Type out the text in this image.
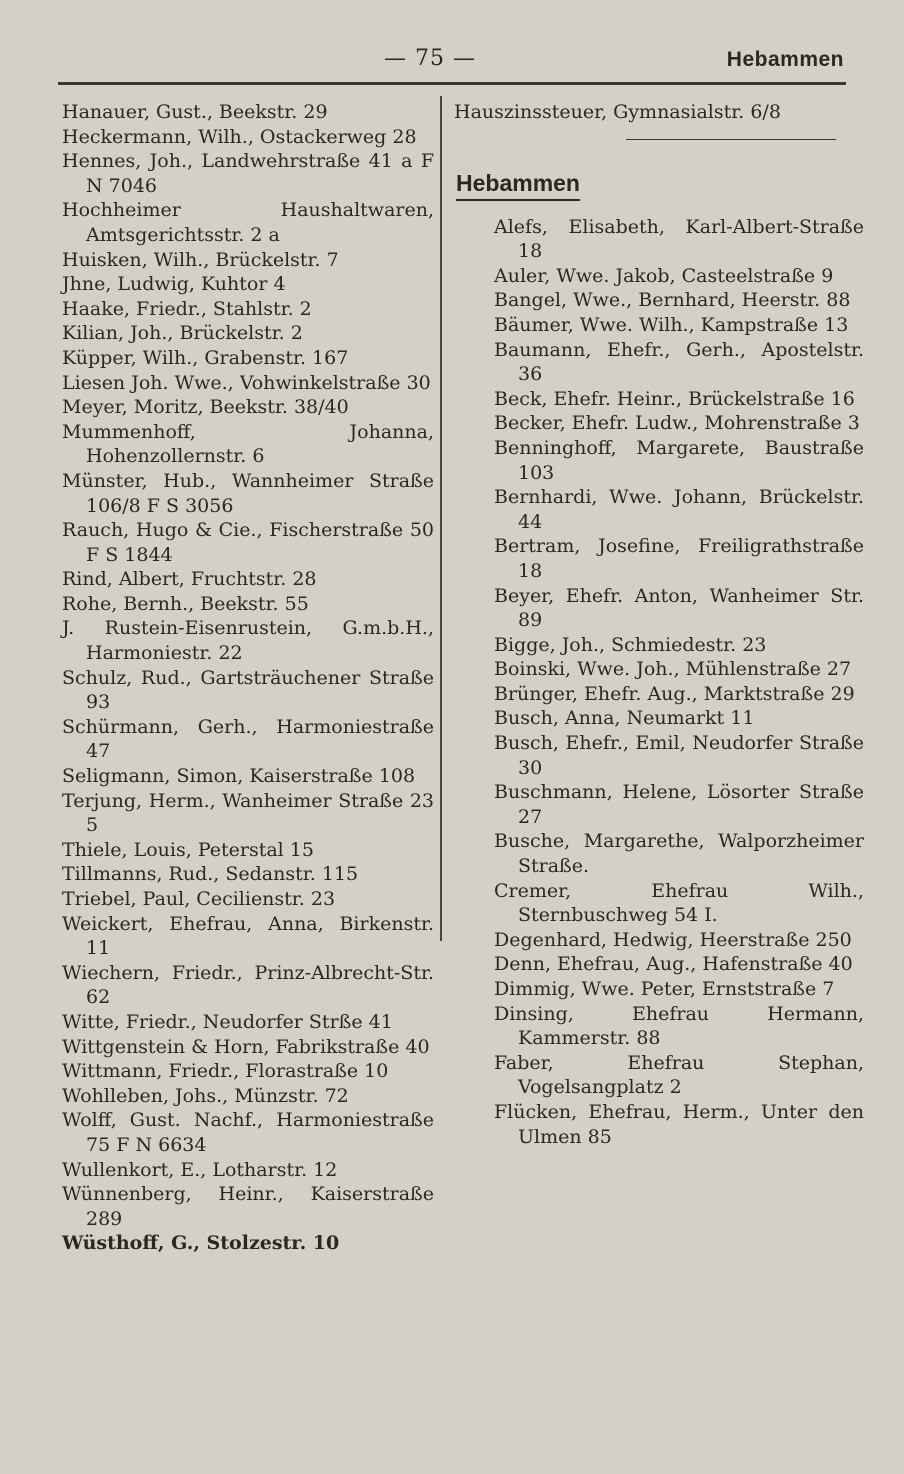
— 75 —	Hebammen

Hanauer, Gust., Beekstr. 29

Heckermann, Wilh., Ostackerweg 28

Hennes, Joh., Landwehrstraße 41 a F N 7046

Hochheimer Haushaltwaren, Amtsgerichtsstr. 2 a

Huisken, Wilh., Brückelstr. 7

Jhne, Ludwig, Kuhtor 4

Haake, Friedr., Stahlstr. 2

Kilian, Joh., Brückelstr. 2

Küpper, Wilh., Grabenstr. 167

Liesen Joh. Wwe., Vohwinkelstraße 30

Meyer, Moritz, Beekstr. 38/40

Mummenhoff, Johanna, Hohenzollernstr. 6

Münster, Hub., Wannheimer Straße 106/8 F S 3056

Rauch, Hugo & Cie., Fischerstraße 50 F S 1844

Rind, Albert, Fruchtstr. 28

Rohe, Bernh., Beekstr. 55

J. Rustein-Eisenrustein, G.m.b.H., Harmoniestr. 22

Schulz, Rud., Gartsträuchener Straße 93

Schürmann, Gerh., Harmoniestraße 47

Seligmann, Simon, Kaiserstraße 108

Terjung, Herm., Wanheimer Straße 23 5

Thiele, Louis, Peterstal 15

Tillmanns, Rud., Sedanstr. 115

Triebel, Paul, Cecilienstr. 23

Weickert, Ehefrau, Anna, Birkenstr. 11

Wiechern, Friedr., Prinz-Albrecht-Str. 62

Witte, Friedr., Neudorfer Strße 41

Wittgenstein & Horn, Fabrikstraße 40

Wittmann, Friedr., Florastraße 10

Wohlleben, Johs., Münzstr. 72

Wolff, Gust. Nachf., Harmoniestraße 75 F N 6634

Wullenkort, E., Lotharstr. 12

Wünnenberg, Heinr., Kaiserstraße 289

Wüsthoff, G., Stolzestr. 10

Hauszinssteuer, Gymnasialstr. 6/8

Hebammen

Alefs, Elisabeth, Karl-Albert-Straße 18

Auler, Wwe. Jakob, Casteelstraße 9

Bangel, Wwe., Bernhard, Heerstr. 88

Bäumer, Wwe. Wilh., Kampstraße 13

Baumann, Ehefr., Gerh., Apostelstr. 36

Beck, Ehefr. Heinr., Brückelstraße 16

Becker, Ehefr. Ludw., Mohrenstraße 3

Benninghoff, Margarete, Baustraße 103

Bernhardi, Wwe. Johann, Brückelstr. 44

Bertram, Josefine, Freiligrathstraße 18

Beyer, Ehefr. Anton, Wanheimer Str. 89

Bigge, Joh., Schmiedestr. 23

Boinski, Wwe. Joh., Mühlenstraße 27

Brünger, Ehefr. Aug., Marktstraße 29

Busch, Anna, Neumarkt 11

Busch, Ehefr., Emil, Neudorfer Straße 30

Buschmann, Helene, Lösorter Straße 27

Busche, Margarethe, Walporzheimer Straße.

Cremer, Ehefrau Wilh., Sternbuschweg 54 I.

Degenhard, Hedwig, Heerstraße 250

Denn, Ehefrau, Aug., Hafenstraße 40

Dimmig, Wwe. Peter, Ernststraße 7

Dinsing, Ehefrau Hermann, Kammerstr. 88

Faber, Ehefrau Stephan, Vogelsangplatz 2

Flücken, Ehefrau, Herm., Unter den Ulmen 85
